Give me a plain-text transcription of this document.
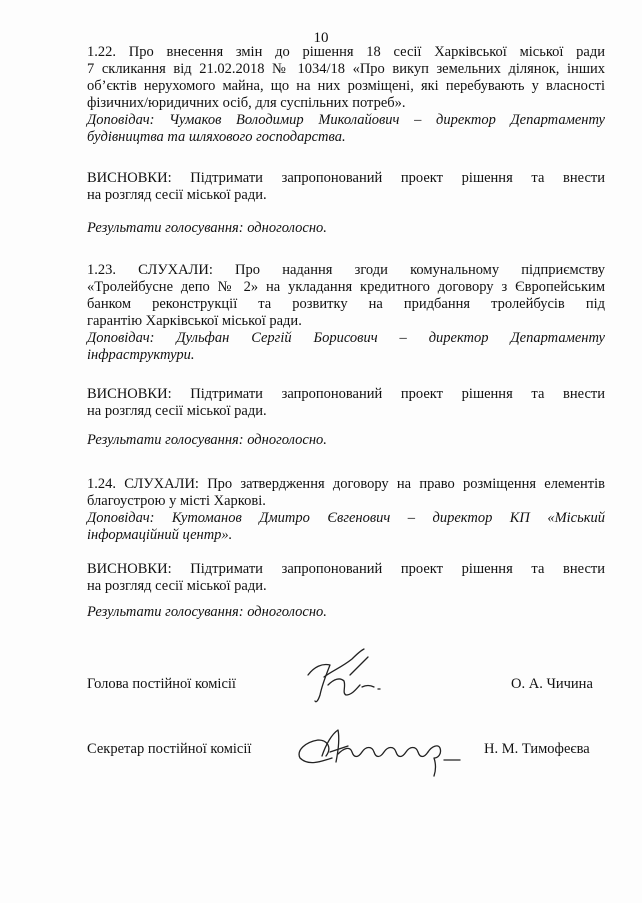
10
1.22. Про внесення змін до рішення 18 сесії Харківської міської ради
7 скликання від 21.02.2018 № 1034/18 «Про викуп земельних ділянок, інших
об’єктів нерухомого майна, що на них розміщені, які перебувають у власності
фізичних/юридичних осіб, для суспільних потреб».
Доповідач: Чумаков Володимир Миколайович – директор Департаменту
будівництва та шляхового господарства.
ВИСНОВКИ: Підтримати запропонований проект рішення та внести
на розгляд сесії міської ради.
Результати голосування: одноголосно.
1.23. СЛУХАЛИ: Про надання згоди комунальному підприємству
«Тролейбусне депо № 2» на укладання кредитного договору з Європейським
банком реконструкції та розвитку на придбання тролейбусів під
гарантію Харківської міської ради.
Доповідач: Дульфан Сергій Борисович – директор Департаменту
інфраструктури.
ВИСНОВКИ: Підтримати запропонований проект рішення та внести
на розгляд сесії міської ради.
Результати голосування: одноголосно.
1.24. СЛУХАЛИ: Про затвердження договору на право розміщення елементів
благоустрою у місті Харкові.
Доповідач: Кутоманов Дмитро Євгенович – директор КП «Міський
інформаційний центр».
ВИСНОВКИ: Підтримати запропонований проект рішення та внести
на розгляд сесії міської ради.
Результати голосування: одноголосно.
Голова постійної комісії	О. А. Чичина
Секретар постійної комісії	Н. М. Тимофеєва
